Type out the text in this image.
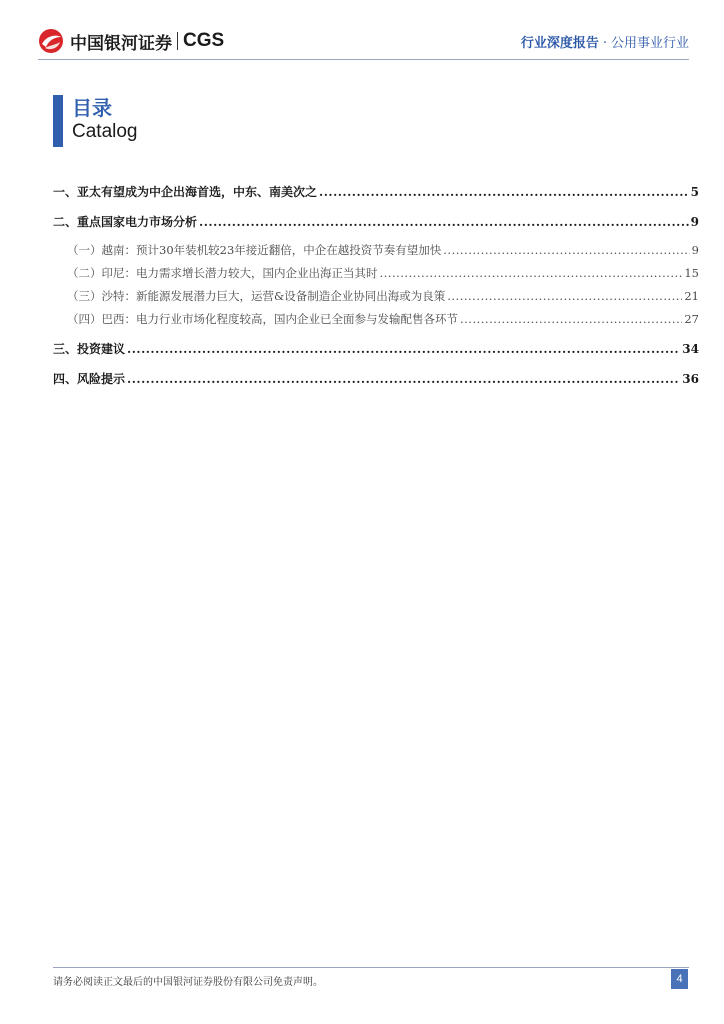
中国银河证券 CGS	行业深度报告 · 公用事业行业
目录
Catalog
一、 亚太有望成为中企出海首选，中东、南美次之 .....	5
二、 重点国家电力市场分析 .....	9
（一） 越南：预计30年装机较23年接近翻倍，中企在越投资节奏有望加快 .....	9
（二） 印尼：电力需求增长潜力较大，国内企业出海正当其时 .....	15
（三） 沙特：新能源发展潜力巨大，运营&设备制造企业协同出海或为良策 .....	21
（四） 巴西：电力行业市场化程度较高，国内企业已全面参与发输配售各环节 .....	27
三、 投资建议 .....	34
四、 风险提示 .....	36
请务必阅读正文最后的中国银河证券股份有限公司免责声明。	4
